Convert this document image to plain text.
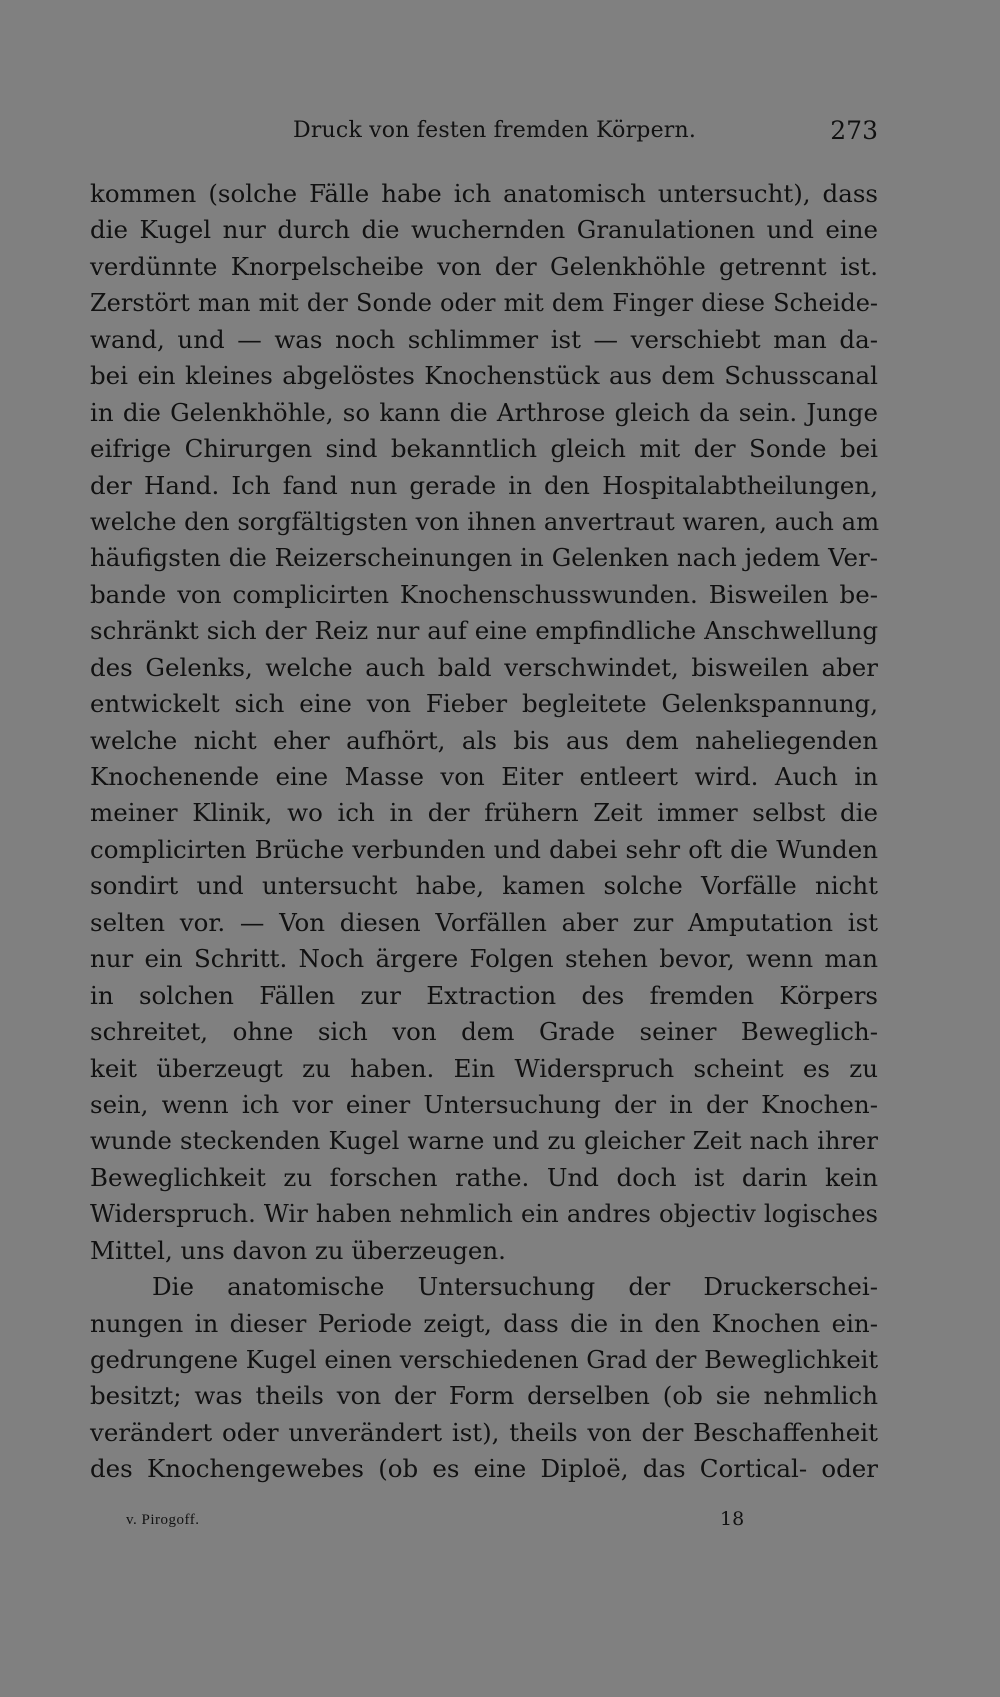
Druck von festen fremden Körpern.	273
kommen (solche Fälle habe ich anatomisch untersucht), dass
die Kugel nur durch die wuchernden Granulationen und eine
verdünnte Knorpelscheibe von der Gelenkhöhle getrennt ist.
Zerstört man mit der Sonde oder mit dem Finger diese Scheide-
wand, und — was noch schlimmer ist — verschiebt man da-
bei ein kleines abgelöstes Knochenstück aus dem Schusscanal
in die Gelenkhöhle, so kann die Arthrose gleich da sein. Junge
eifrige Chirurgen sind bekanntlich gleich mit der Sonde bei
der Hand. Ich fand nun gerade in den Hospitalabtheilungen,
welche den sorgfältigsten von ihnen anvertraut waren, auch am
häufigsten die Reizerscheinungen in Gelenken nach jedem Ver-
bande von complicirten Knochenschusswunden. Bisweilen be-
schränkt sich der Reiz nur auf eine empfindliche Anschwellung
des Gelenks, welche auch bald verschwindet, bisweilen aber
entwickelt sich eine von Fieber begleitete Gelenkspannung,
welche nicht eher aufhört, als bis aus dem naheliegenden
Knochenende eine Masse von Eiter entleert wird. Auch in
meiner Klinik, wo ich in der frühern Zeit immer selbst die
complicirten Brüche verbunden und dabei sehr oft die Wunden
sondirt und untersucht habe, kamen solche Vorfälle nicht
selten vor. — Von diesen Vorfällen aber zur Amputation ist
nur ein Schritt. Noch ärgere Folgen stehen bevor, wenn man
in solchen Fällen zur Extraction des fremden Körpers
schreitet, ohne sich von dem Grade seiner Beweglich-
keit überzeugt zu haben. Ein Widerspruch scheint es zu
sein, wenn ich vor einer Untersuchung der in der Knochen-
wunde steckenden Kugel warne und zu gleicher Zeit nach ihrer
Beweglichkeit zu forschen rathe. Und doch ist darin kein
Widerspruch. Wir haben nehmlich ein andres objectiv logisches
Mittel, uns davon zu überzeugen.
Die anatomische Untersuchung der Druckerschei-
nungen in dieser Periode zeigt, dass die in den Knochen ein-
gedrungene Kugel einen verschiedenen Grad der Beweglichkeit
besitzt; was theils von der Form derselben (ob sie nehmlich
verändert oder unverändert ist), theils von der Beschaffenheit
des Knochengewebes (ob es eine Diploë, das Cortical- oder
v. Pirogoff.	18
